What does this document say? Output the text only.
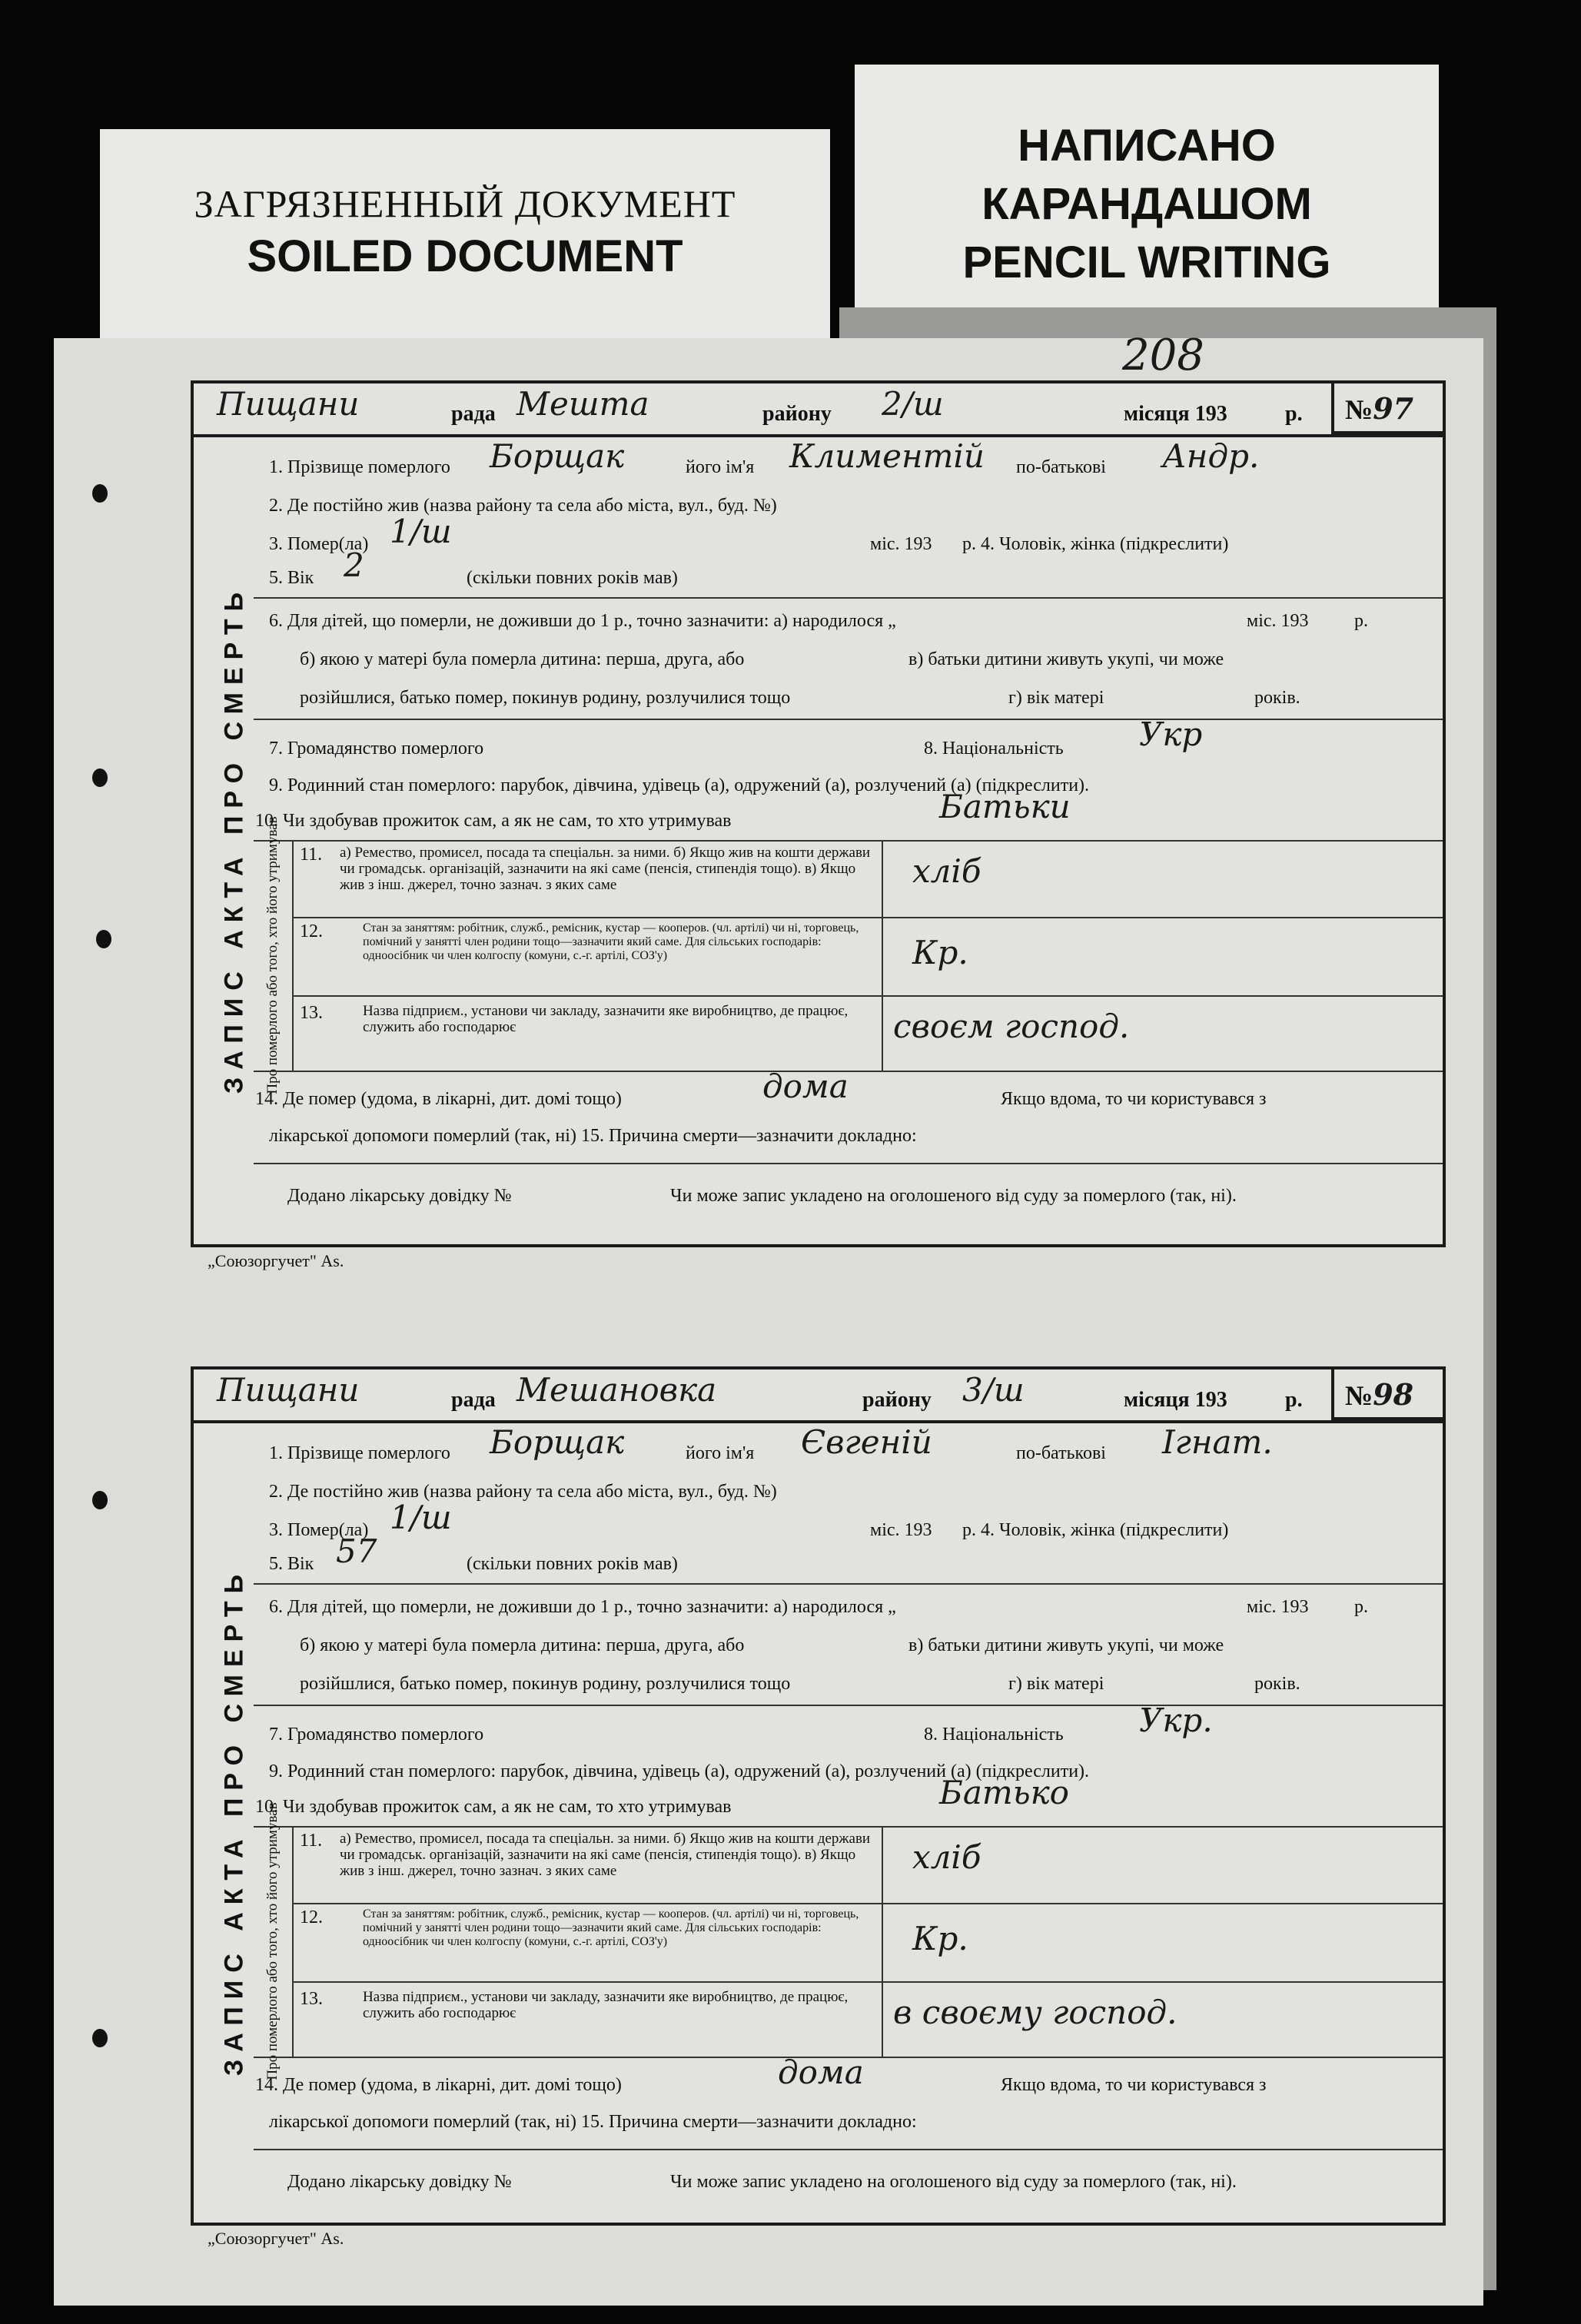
ЗАГРЯЗНЕННЫЙ ДОКУМЕНТ
SOILED DOCUMENT
НАПИСАНО
КАРАНДАШОМ
PENCIL WRITING
208
Пищани	рада Мешта	району 2/ш	місяця 193	р.	№97
ЗАПИС АКТА ПРО СМЕРТЬ
1. Прізвище померлого Борщак	його ім'я Климентій по-батькові Андр.
2. Де постійно жив (назва району та села або міста, вул., буд. №)
3. Помер(ла) 1/ш	міс. 193 р. 4. Чоловік, жінка (підкреслити)
5. Вік 2	(скільки повних років мав)
6. Для дітей, що померли, не доживши до 1 р., точно зазначити: а) народилося „	міс. 193 р.
б) якою у матері була померла дитина: перша, друга, або	в) батьки дитини живуть укупі, чи може
розійшлися, батько помер, покинув родину, розлучилися тощо	г) вік матері	років.
7. Громадянство померлого	8. Національність Укр
9. Родинний стан померлого: парубок, дівчина, удівець (а), одружений (а), розлучений (а) (підкреслити).
10. Чи здобував прожиток сам, а як не сам, то хто утримував	Батьки
Про померлого або того, хто його утримував 11. а) Ремество, промисел, посада та спеціальн. за ними. б) Якщо жив на кошти держави чи громадськ. організацій, зазначити на які саме (пенсія, стипендія тощо). в) Якщо жив з інш. джерел, точно зазнач. з яких саме	хліб
12.	Стан за заняттям: робітник, служб., ремісник, кустар — кооперов. (чл. артілі) чи ні, торговець, помічний у занятті член родини тощо—зазначити який саме. Для сільських господарів: одноосібник чи член колгоспу (комуни, с.-г. артілі, СОЗ'у)	Кр.
13.	Назва підприєм., установи чи закладу, зазначити яке виробництво, де працює, служить або господарює	своєм господ.
14. Де помер (удома, в лікарні, дит. домі тощо)	дома	Якщо вдома, то чи користувався з
лікарської допомоги померлий (так, ні) 15. Причина смерти—зазначити докладно:
Додано лікарську довідку №	Чи може запис укладено на оголошеного від суду за померлого (так, ні).
„Союзоргучет" As.
Пищани	рада Мешановка	району 3/ш	місяця 193	р.	№98
ЗАПИС АКТА ПРО СМЕРТЬ
1. Прізвище померлого Борщак	його ім'я Євгеній	по-батькові Ігнат.
2. Де постійно жив (назва району та села або міста, вул., буд. №)
3. Помер(ла) 1/ш	міс. 193 р. 4. Чоловік, жінка (підкреслити)
5. Вік 57	(скільки повних років мав)
6. Для дітей, що померли, не доживши до 1 р., точно зазначити: а) народилося „	міс. 193 р.
б) якою у матері була померла дитина: перша, друга, або	в) батьки дитини живуть укупі, чи може
розійшлися, батько помер, покинув родину, розлучилися тощо	г) вік матері	років.
7. Громадянство померлого	8. Національність Укр.
9. Родинний стан померлого: парубок, дівчина, удівець (а), одружений (а), розлучений (а) (підкреслити).
10. Чи здобував прожиток сам, а як не сам, то хто утримував	Батько
Про померлого або того, хто його утримував 11. а) Ремество, промисел, посада та спеціальн. за ними. б) Якщо жив на кошти держави чи громадськ. організацій, зазначити на які саме (пенсія, стипендія тощо). в) Якщо жив з інш. джерел, точно зазнач. з яких саме	хліб
12.	Стан за заняттям: робітник, служб., ремісник, кустар — кооперов. (чл. артілі) чи ні, торговець, помічний у занятті член родини тощо—зазначити який саме. Для сільських господарів: одноосібник чи член колгоспу (комуни, с.-г. артілі, СОЗ'у)	Кр.
13.	Назва підприєм., установи чи закладу, зазначити яке виробництво, де працює, служить або господарює	в своєму господ.
14. Де помер (удома, в лікарні, дит. домі тощо)	дома	Якщо вдома, то чи користувався з
лікарської допомоги померлий (так, ні) 15. Причина смерти—зазначити докладно:
Додано лікарську довідку №	Чи може запис укладено на оголошеного від суду за померлого (так, ні).
„Союзоргучет" As.
